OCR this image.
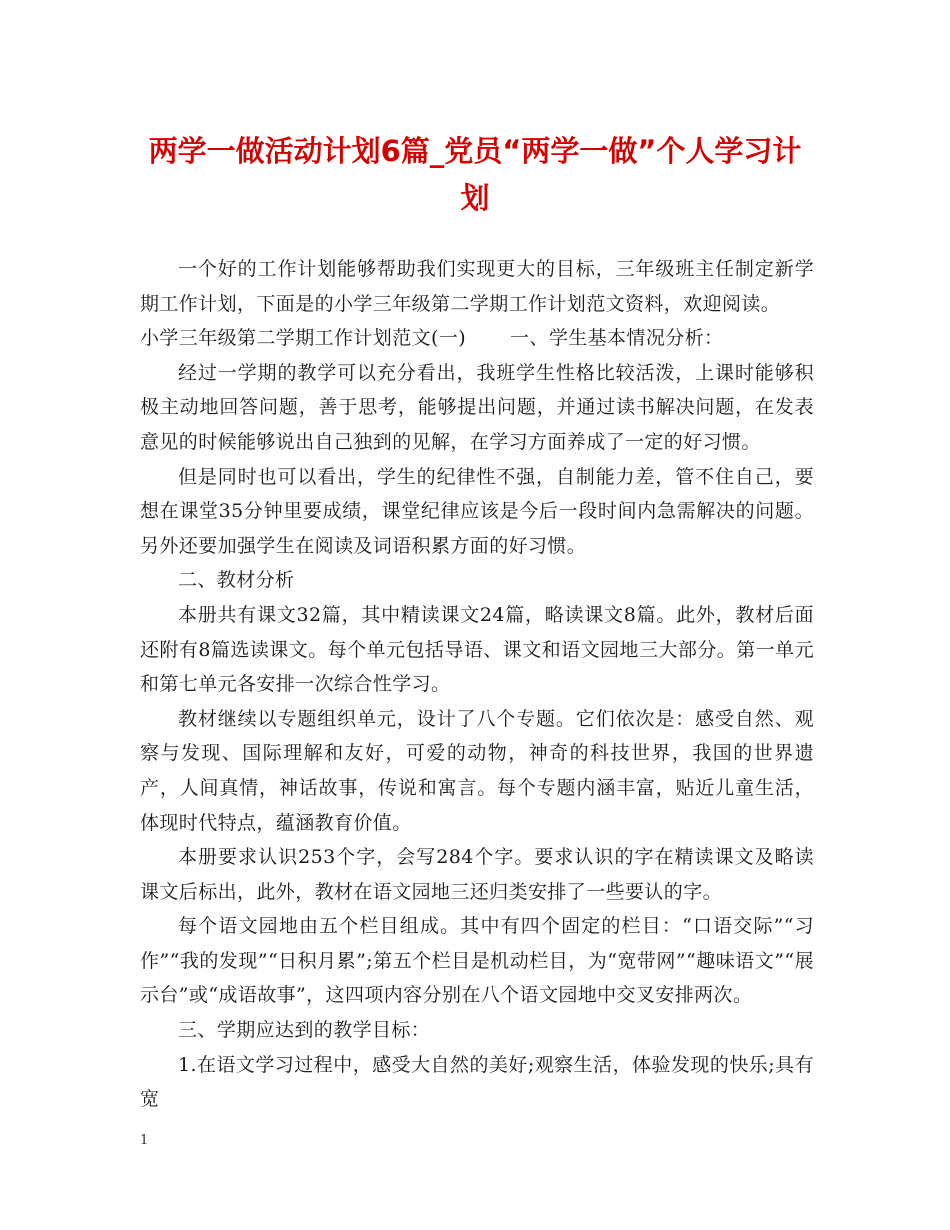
两学一做活动计划6篇_党员“两学一做”个人学习计划

一个好的工作计划能够帮助我们实现更大的目标，三年级班主任制定新学期工作计划，下面是的小学三年级第二学期工作计划范文资料，欢迎阅读。

小学三年级第二学期工作计划范文(一) 一、学生基本情况分析：

经过一学期的教学可以充分看出，我班学生性格比较活泼，上课时能够积极主动地回答问题，善于思考，能够提出问题，并通过读书解决问题，在发表意见的时候能够说出自己独到的见解，在学习方面养成了一定的好习惯。

但是同时也可以看出，学生的纪律性不强，自制能力差，管不住自己，要想在课堂35分钟里要成绩，课堂纪律应该是今后一段时间内急需解决的问题。另外还要加强学生在阅读及词语积累方面的好习惯。

二、教材分析

本册共有课文32篇，其中精读课文24篇，略读课文8篇。此外，教材后面还附有8篇选读课文。每个单元包括导语、课文和语文园地三大部分。第一单元和第七单元各安排一次综合性学习。

教材继续以专题组织单元，设计了八个专题。它们依次是：感受自然、观察与发现、国际理解和友好，可爱的动物，神奇的科技世界，我国的世界遗产，人间真情，神话故事，传说和寓言。每个专题内涵丰富，贴近儿童生活，体现时代特点，蕴涵教育价值。

本册要求认识253个字，会写284个字。要求认识的字在精读课文及略读课文后标出，此外，教材在语文园地三还归类安排了一些要认的字。

每个语文园地由五个栏目组成。其中有四个固定的栏目：“口语交际”“习作”“我的发现”“日积月累”;第五个栏目是机动栏目，为“宽带网”“趣味语文”“展示台”或“成语故事”，这四项内容分别在八个语文园地中交叉安排两次。

三、学期应达到的教学目标：

1.在语文学习过程中，感受大自然的美好;观察生活，体验发现的快乐;具有宽

1
